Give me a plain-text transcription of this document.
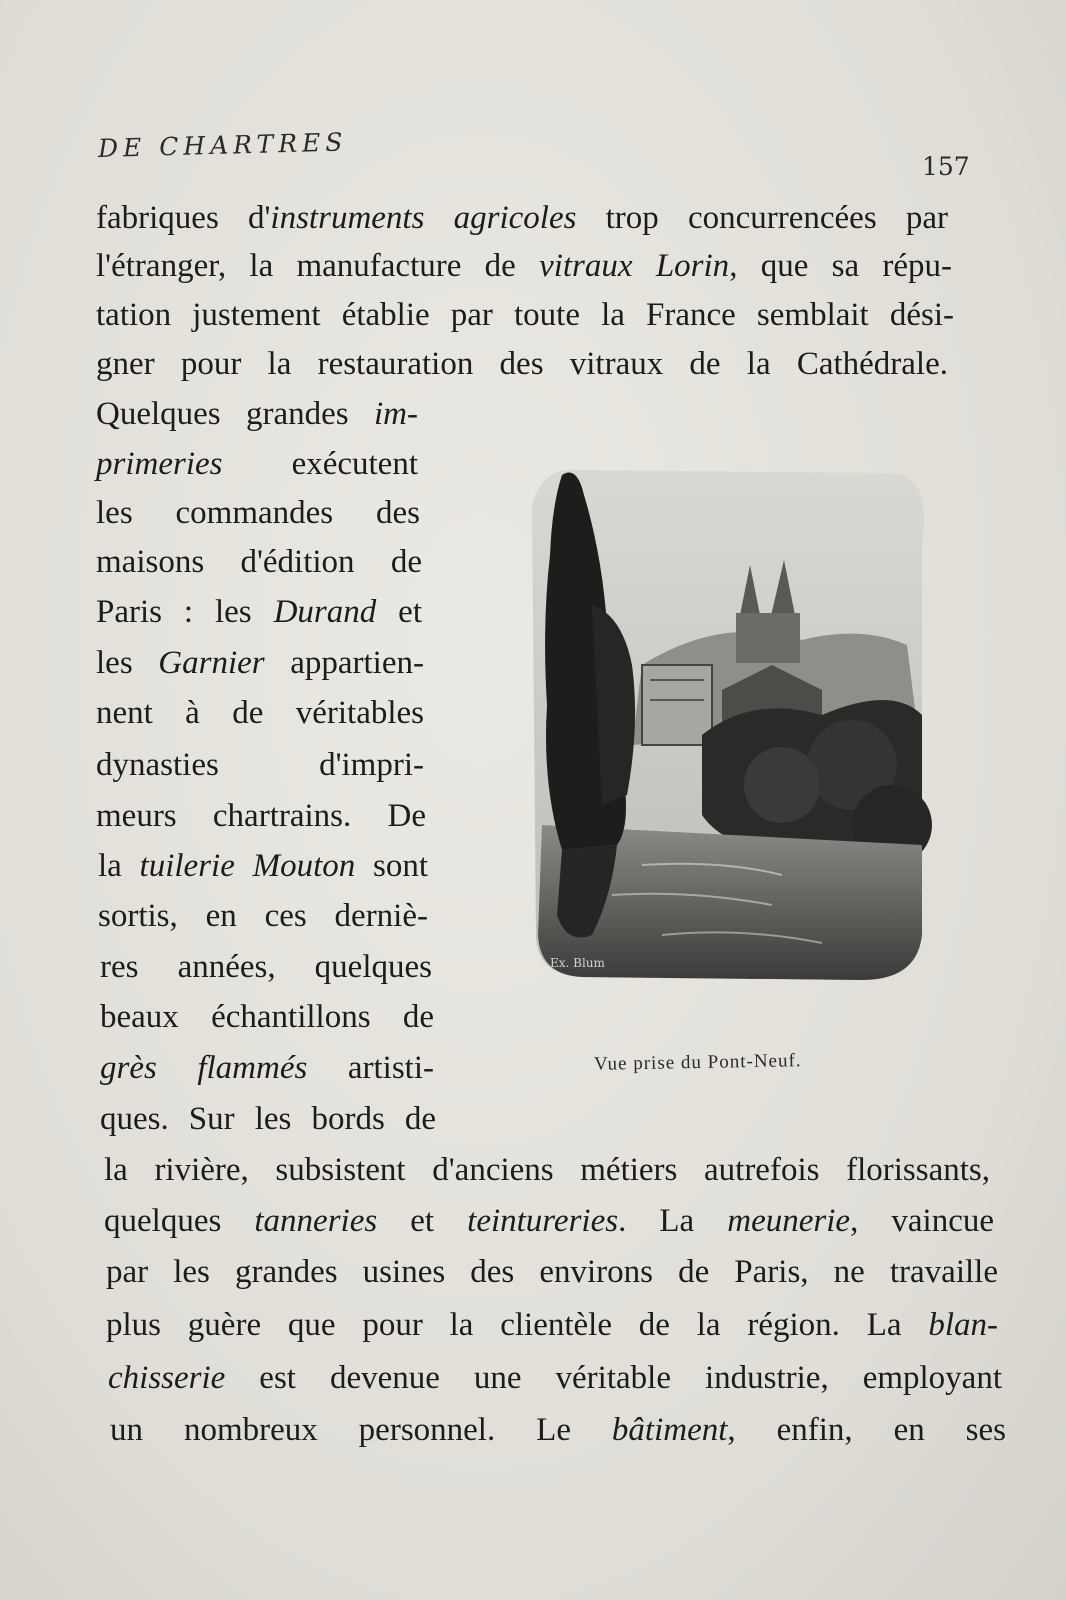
DE CHARTRES
157

fabriques d'instruments agricoles trop concurrencées par

l'étranger, la manufacture de vitraux Lorin, que sa répu-

tation justement établie par toute la France semblait dési-

gner pour la restauration des vitraux de la Cathédrale.

Quelques grandes im-

primeries exécutent

les commandes des

maisons d'édition de

Paris : les Durand et

les Garnier appartien-

nent à de véritables

dynasties d'impri-

meurs chartrains. De

la tuilerie Mouton sont

sortis, en ces derniè-

res années, quelques

beaux échantillons de

grès flammés artisti-

ques. Sur les bords de

Ex. Blum
Vue prise du Pont-Neuf.

la rivière, subsistent d'anciens métiers autrefois florissants,

quelques tanneries et teintureries. La meunerie, vaincue

par les grandes usines des environs de Paris, ne travaille

plus guère que pour la clientèle de la région. La blan-

chisserie est devenue une véritable industrie, employant

un nombreux personnel. Le bâtiment, enfin, en ses
